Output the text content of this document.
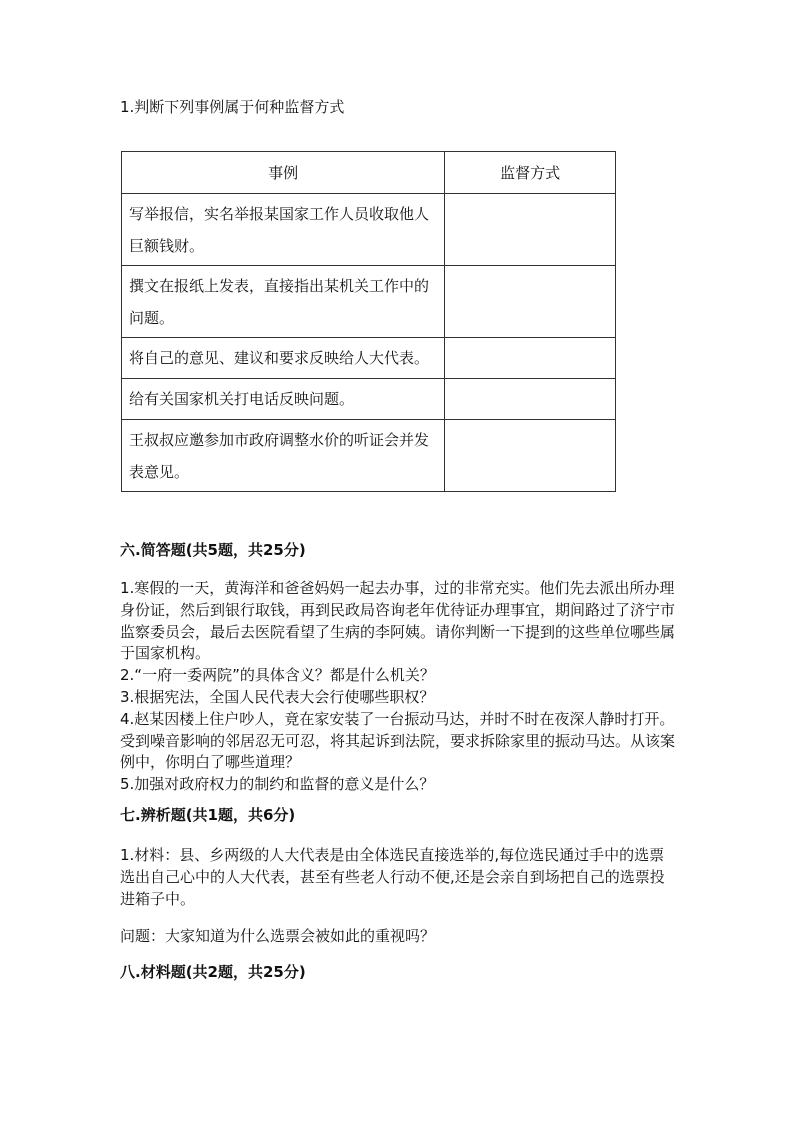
1.判断下列事例属于何种监督方式
事例	监督方式
写举报信，实名举报某国家工作人员收取他人巨额钱财。	
撰文在报纸上发表，直接指出某机关工作中的问题。	
将自己的意见、建议和要求反映给人大代表。	
给有关国家机关打电话反映问题。	
王叔叔应邀参加市政府调整水价的听证会并发表意见。	
六.简答题(共5题，共25分)

1.寒假的一天，黄海洋和爸爸妈妈一起去办事，过的非常充实。他们先去派出所办理身份证，然后到银行取钱，再到民政局咨询老年优待证办理事宜，期间路过了济宁市监察委员会，最后去医院看望了生病的李阿姨。请你判断一下提到的这些单位哪些属于国家机构。

2.“一府一委两院”的具体含义？都是什么机关？

3.根据宪法，全国人民代表大会行使哪些职权？

4.赵某因楼上住户吵人，竟在家安装了一台振动马达，并时不时在夜深人静时打开。受到噪音影响的邻居忍无可忍，将其起诉到法院，要求拆除家里的振动马达。从该案例中，你明白了哪些道理？

5.加强对政府权力的制约和监督的意义是什么？

七.辨析题(共1题，共6分)

1.材料：县、乡两级的人大代表是由全体选民直接选举的,每位选民通过手中的选票选出自己心中的人大代表，甚至有些老人行动不便,还是会亲自到场把自己的选票投进箱子中。

问题：大家知道为什么选票会被如此的重视吗？

八.材料题(共2题，共25分)
